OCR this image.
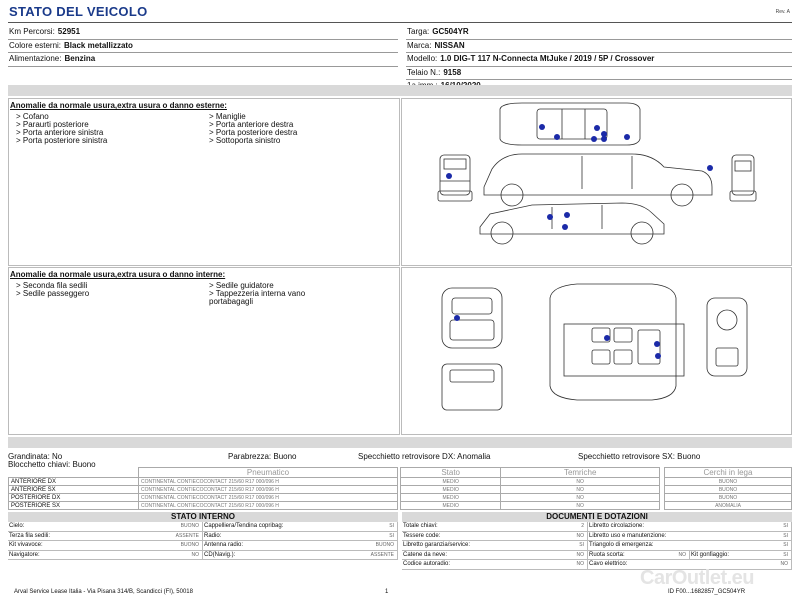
STATO DEL VEICOLO	Rev. A
Km Percorsi: 52951
Colore esterni: Black metallizzato
Alimentazione: Benzina
Targa: GC504YR
Marca: NISSAN
Modello: 1.0 DIG-T 117 N-Connecta MtJuke / 2019 / 5P / Crossover
Telaio N.: 9158
Anomalie da normale usura,extra usura o danno esterne:
> Cofano
> Paraurti posteriore
> Porta anteriore sinistra
> Porta posteriore sinistra
> Maniglie
> Porta anteriore destra
> Porta posteriore destra
> Sottoporta sinistro
Anomalie da normale usura,extra usura o danno interne:
> Seconda fila sedili
> Sedile passeggero
> Sedile guidatore
> Tappezzeria interna vano
portabagagli
Grandinata: No
Blocchetto chiavi: Buono
Parabrezza: Buono	Specchietto retrovisore DX: Anomalia	Specchietto retrovisore SX: Buono
	Pneumatico
ANTERIORE DX	CONTINENTAL CONTIECOCONTACT 215/60 R17 000/096 H
ANTERIORE SX	CONTINENTAL CONTIECOCONTACT 215/60 R17 000/096 H
POSTERIORE DX	CONTINENTAL CONTIECOCONTACT 215/60 R17 000/096 H
POSTERIORE SX	CONTINENTAL CONTIECOCONTACT 215/60 R17 000/096 H
Stato	Temriche
MEDIO	NO
MEDIO	NO
MEDIO	NO
MEDIO	NO
Cerchi in lega
BUONO
BUONO
BUONO
ANOMALIA
STATO INTERNO
Cielo:	BUONO Cappelliera/Tendina copribag:	SI
Terza fila sedili:	ASSENTE Radio:	SI
Kit vivavoce:	BUONO Antenna radio:	BUONO
Navigatore:	NO CD(Navig.):	ASSENTE
DOCUMENTI E DOTAZIONI
Totale chiavi:	2 Libretto circolazione:	SI
Tessere code:	NO Libretto uso e manutenzione:	SI
Libretto garanzia/service:	SI Triangolo di emergenza:	SI
Catene da neve:	NO Ruota scorta:	NO Kit gonfiaggio:	SI
Codice autoradio:	NO Cavo elettrico:	NO
CarOutlet.eu
Arval Service Lease Italia - Via Pisana 314/B, Scandicci (FI), 50018	1	ID F00...1682857_GC504YR
